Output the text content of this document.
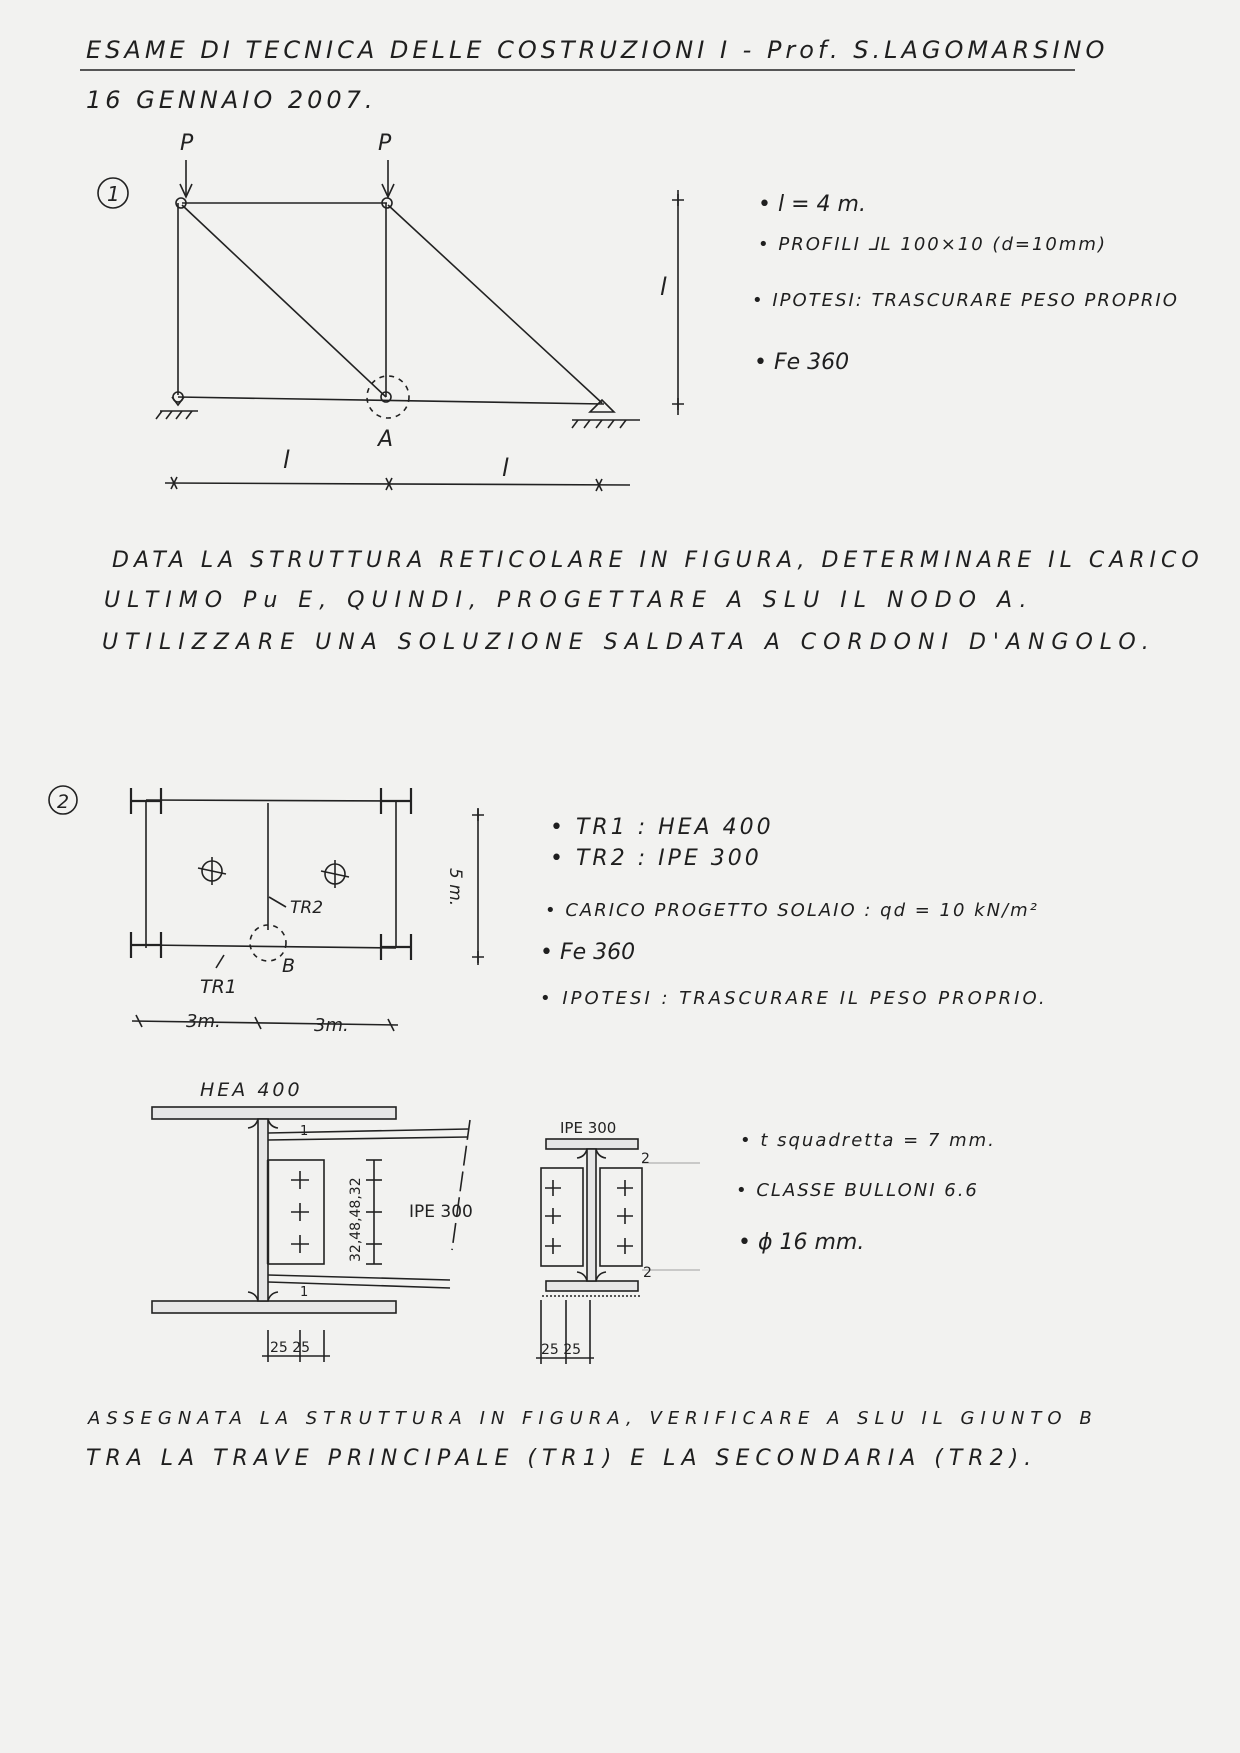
ESAME DI TECNICA DELLE COSTRUZIONI I - Prof. S.LAGOMARSINO
16 GENNAIO 2007.
1
P	P
A
l	l
l
2
TR2
TR1
B
5 m.
3m.	3m.
HEA 400
IPE 300
IPE 300
1
1
2
2
32,48,48,32
25 25	25 25
• l = 4 m.
• PROFILI ⅃L 100×10 (d=10mm)
• IPOTESI: TRASCURARE PESO PROPRIO
• Fe 360
DATA LA STRUTTURA RETICOLARE IN FIGURA, DETERMINARE IL CARICO
ULTIMO Pu E, QUINDI, PROGETTARE A SLU IL NODO A.
UTILIZZARE UNA SOLUZIONE SALDATA A CORDONI D'ANGOLO.
• TR1 : HEA 400
• TR2 : IPE 300
• CARICO PROGETTO SOLAIO : qd = 10 kN/m²
• Fe 360
• IPOTESI : TRASCURARE IL PESO PROPRIO.
• t squadretta = 7 mm.
• CLASSE BULLONI 6.6
• ϕ 16 mm.
ASSEGNATA LA STRUTTURA IN FIGURA, VERIFICARE A SLU IL GIUNTO B
TRA LA TRAVE PRINCIPALE (TR1) E LA SECONDARIA (TR2).
